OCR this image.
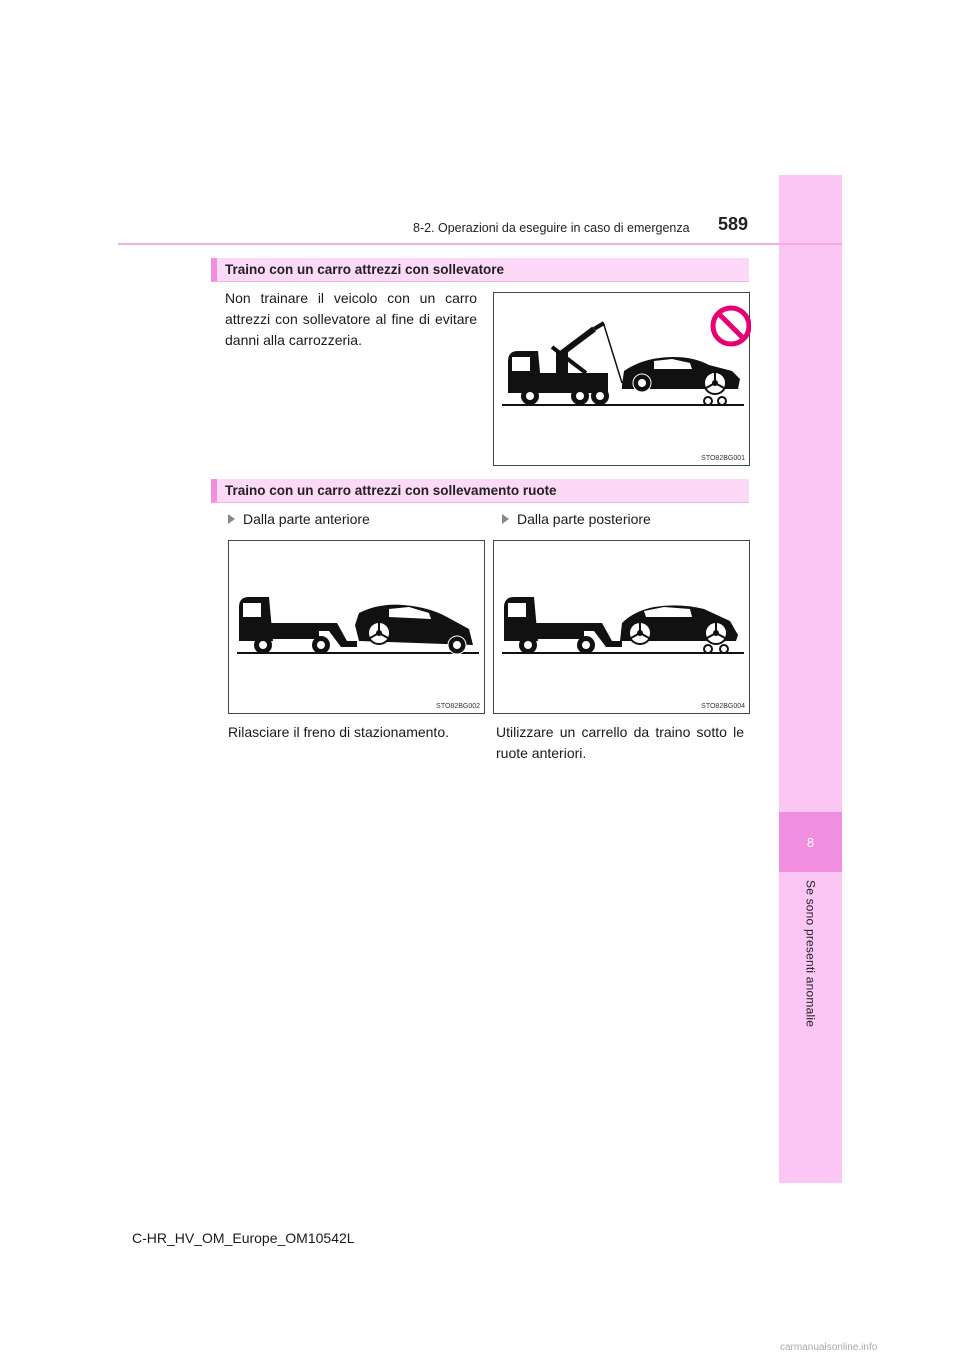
8
Se sono presenti anomalie
8-2. Operazioni da eseguire in caso di emergenza 589
Traino con un carro attrezzi con sollevatore
Non trainare il veicolo con un carro attrezzi con sollevatore al fine di evitare danni alla carrozzeria.
STO82BG001
Traino con un carro attrezzi con sollevamento ruote
Dalla parte anteriore	Dalla parte posteriore
STO82BG002	STO82BG004
Rilasciare il freno di stazionamento.	Utilizzare un carrello da traino sotto le ruote anteriori.
C-HR_HV_OM_Europe_OM10542L
carmanualsonline.info
